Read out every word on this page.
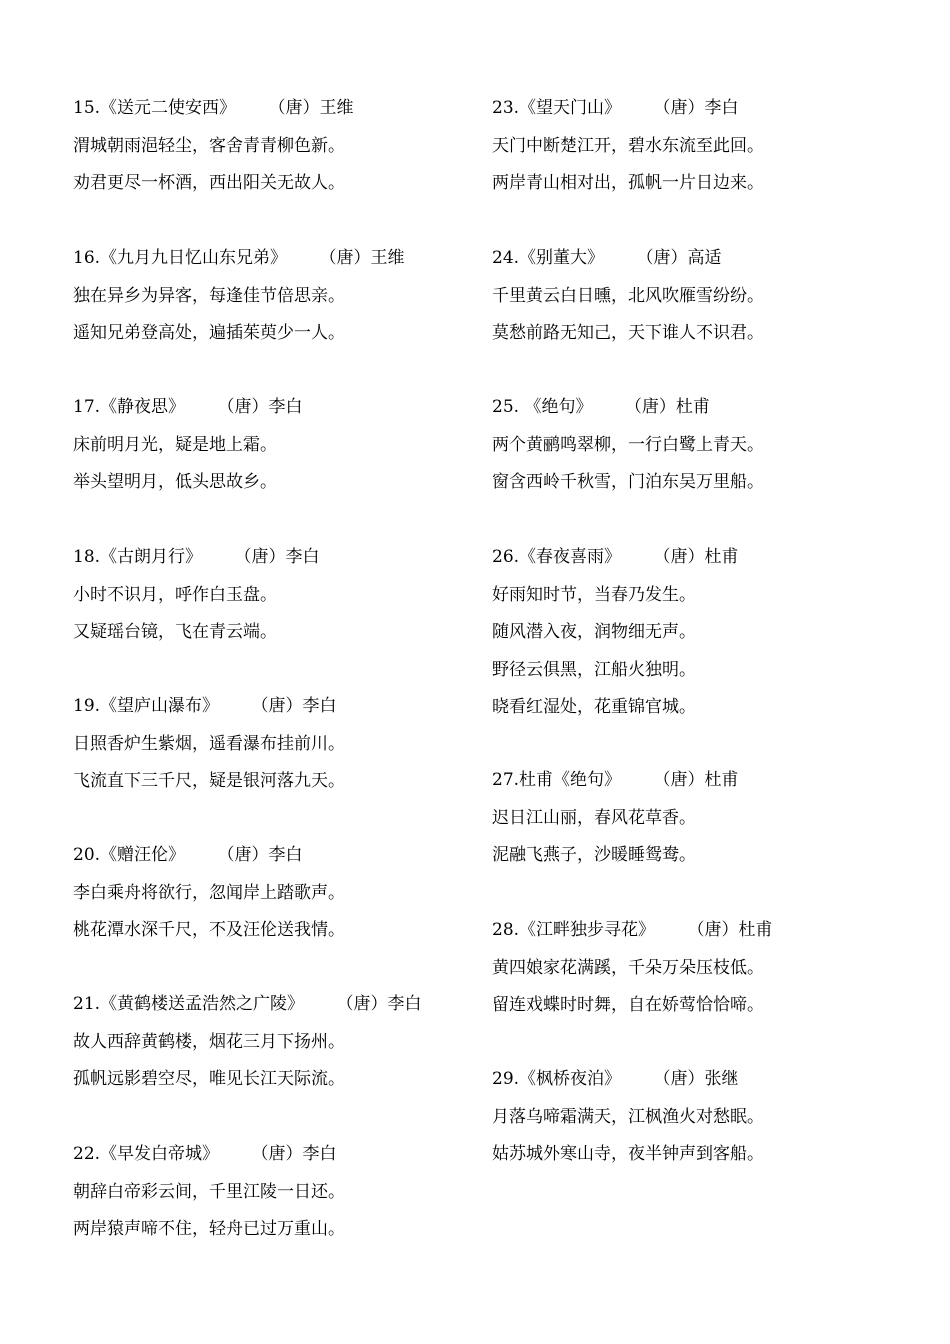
15.《送元二使安西》 （唐）王维
渭城朝雨浥轻尘，客舍青青柳色新。
劝君更尽一杯酒，西出阳关无故人。
16.《九月九日忆山东兄弟》 （唐）王维
独在异乡为异客，每逢佳节倍思亲。
遥知兄弟登高处，遍插茱萸少一人。
17.《静夜思》 （唐）李白
床前明月光，疑是地上霜。
举头望明月，低头思故乡。
18.《古朗月行》 （唐）李白
小时不识月，呼作白玉盘。
又疑瑶台镜，飞在青云端。
19.《望庐山瀑布》 （唐）李白
日照香炉生紫烟，遥看瀑布挂前川。
飞流直下三千尺，疑是银河落九天。
20.《赠汪伦》 （唐）李白
李白乘舟将欲行，忽闻岸上踏歌声。
桃花潭水深千尺，不及汪伦送我情。
21.《黄鹤楼送孟浩然之广陵》 （唐）李白
故人西辞黄鹤楼，烟花三月下扬州。
孤帆远影碧空尽，唯见长江天际流。
22.《早发白帝城》 （唐）李白
朝辞白帝彩云间，千里江陵一日还。
两岸猿声啼不住，轻舟已过万重山。
23.《望天门山》 （唐）李白
天门中断楚江开，碧水东流至此回。
两岸青山相对出，孤帆一片日边来。
24.《别董大》 （唐）高适
千里黄云白日曛，北风吹雁雪纷纷。
莫愁前路无知己，天下谁人不识君。
25. 《绝句》 （唐）杜甫
两个黄鹂鸣翠柳，一行白鹭上青天。
窗含西岭千秋雪，门泊东吴万里船。
26.《春夜喜雨》 （唐）杜甫
好雨知时节，当春乃发生。
随风潜入夜，润物细无声。
野径云俱黑，江船火独明。
晓看红湿处，花重锦官城。
27.杜甫《绝句》 （唐）杜甫
迟日江山丽，春风花草香。
泥融飞燕子，沙暖睡鸳鸯。
28.《江畔独步寻花》 （唐）杜甫
黄四娘家花满蹊，千朵万朵压枝低。
留连戏蝶时时舞，自在娇莺恰恰啼。
29.《枫桥夜泊》 （唐）张继
月落乌啼霜满天，江枫渔火对愁眠。
姑苏城外寒山寺，夜半钟声到客船。
